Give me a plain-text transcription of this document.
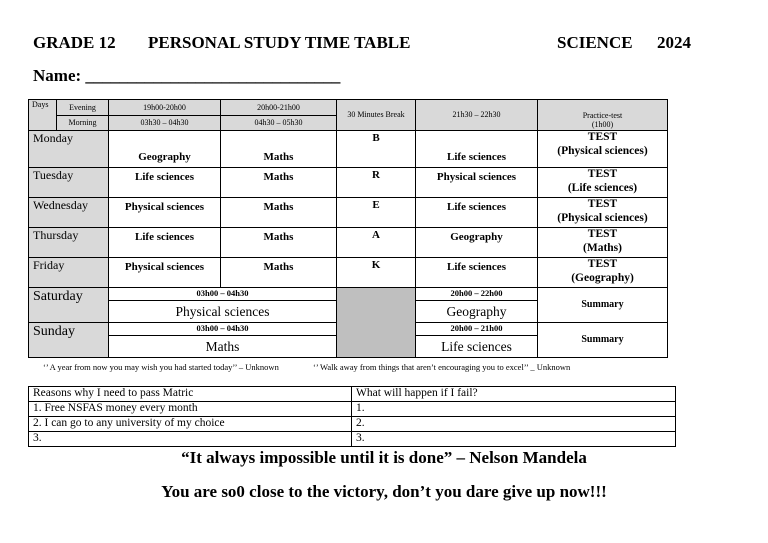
GRADE 12 PERSONAL STUDY TIME TABLE	SCIENCE 2024
Name: ______________________________
Days	Evening	19h00-20h00	20h00-21h00	30 Minutes Break	21h30 – 22h30	Practice-test
(1h00)

	Morning	03h30 – 04h30	04h30 – 05h30			
Monday		Geography	Maths	B	Life sciences	TEST
(Physical sciences)

Tuesday		Life sciences	Maths	R	Physical sciences	TEST
(Life sciences)

Wednesday		Physical sciences	Maths	E	Life sciences	TEST
(Physical sciences)

Thursday		Life sciences	Maths	A	Geography	TEST
(Maths)

Friday		Physical sciences	Maths	K	Life sciences	TEST
(Geography)

Saturday		03h00 – 04h30			20h00 – 22h00	Summary
		Physical sciences			Geography	
Sunday		03h00 – 04h30			20h00 – 21h00	Summary
		Maths			Life sciences	
‘’ A year from now you may wish you had started today’’ – Unknown	‘’ Walk away from things that aren’t encouraging you to excel’’ _ Unknown
Reasons why I need to pass Matric	What will happen if I fail?
1. Free NSFAS money every month	1.
2. I can go to any university of my choice	2.
3.	3.
“It always impossible until it is done” – Nelson Mandela
You are so0 close to the victory, don’t you dare give up now!!!
